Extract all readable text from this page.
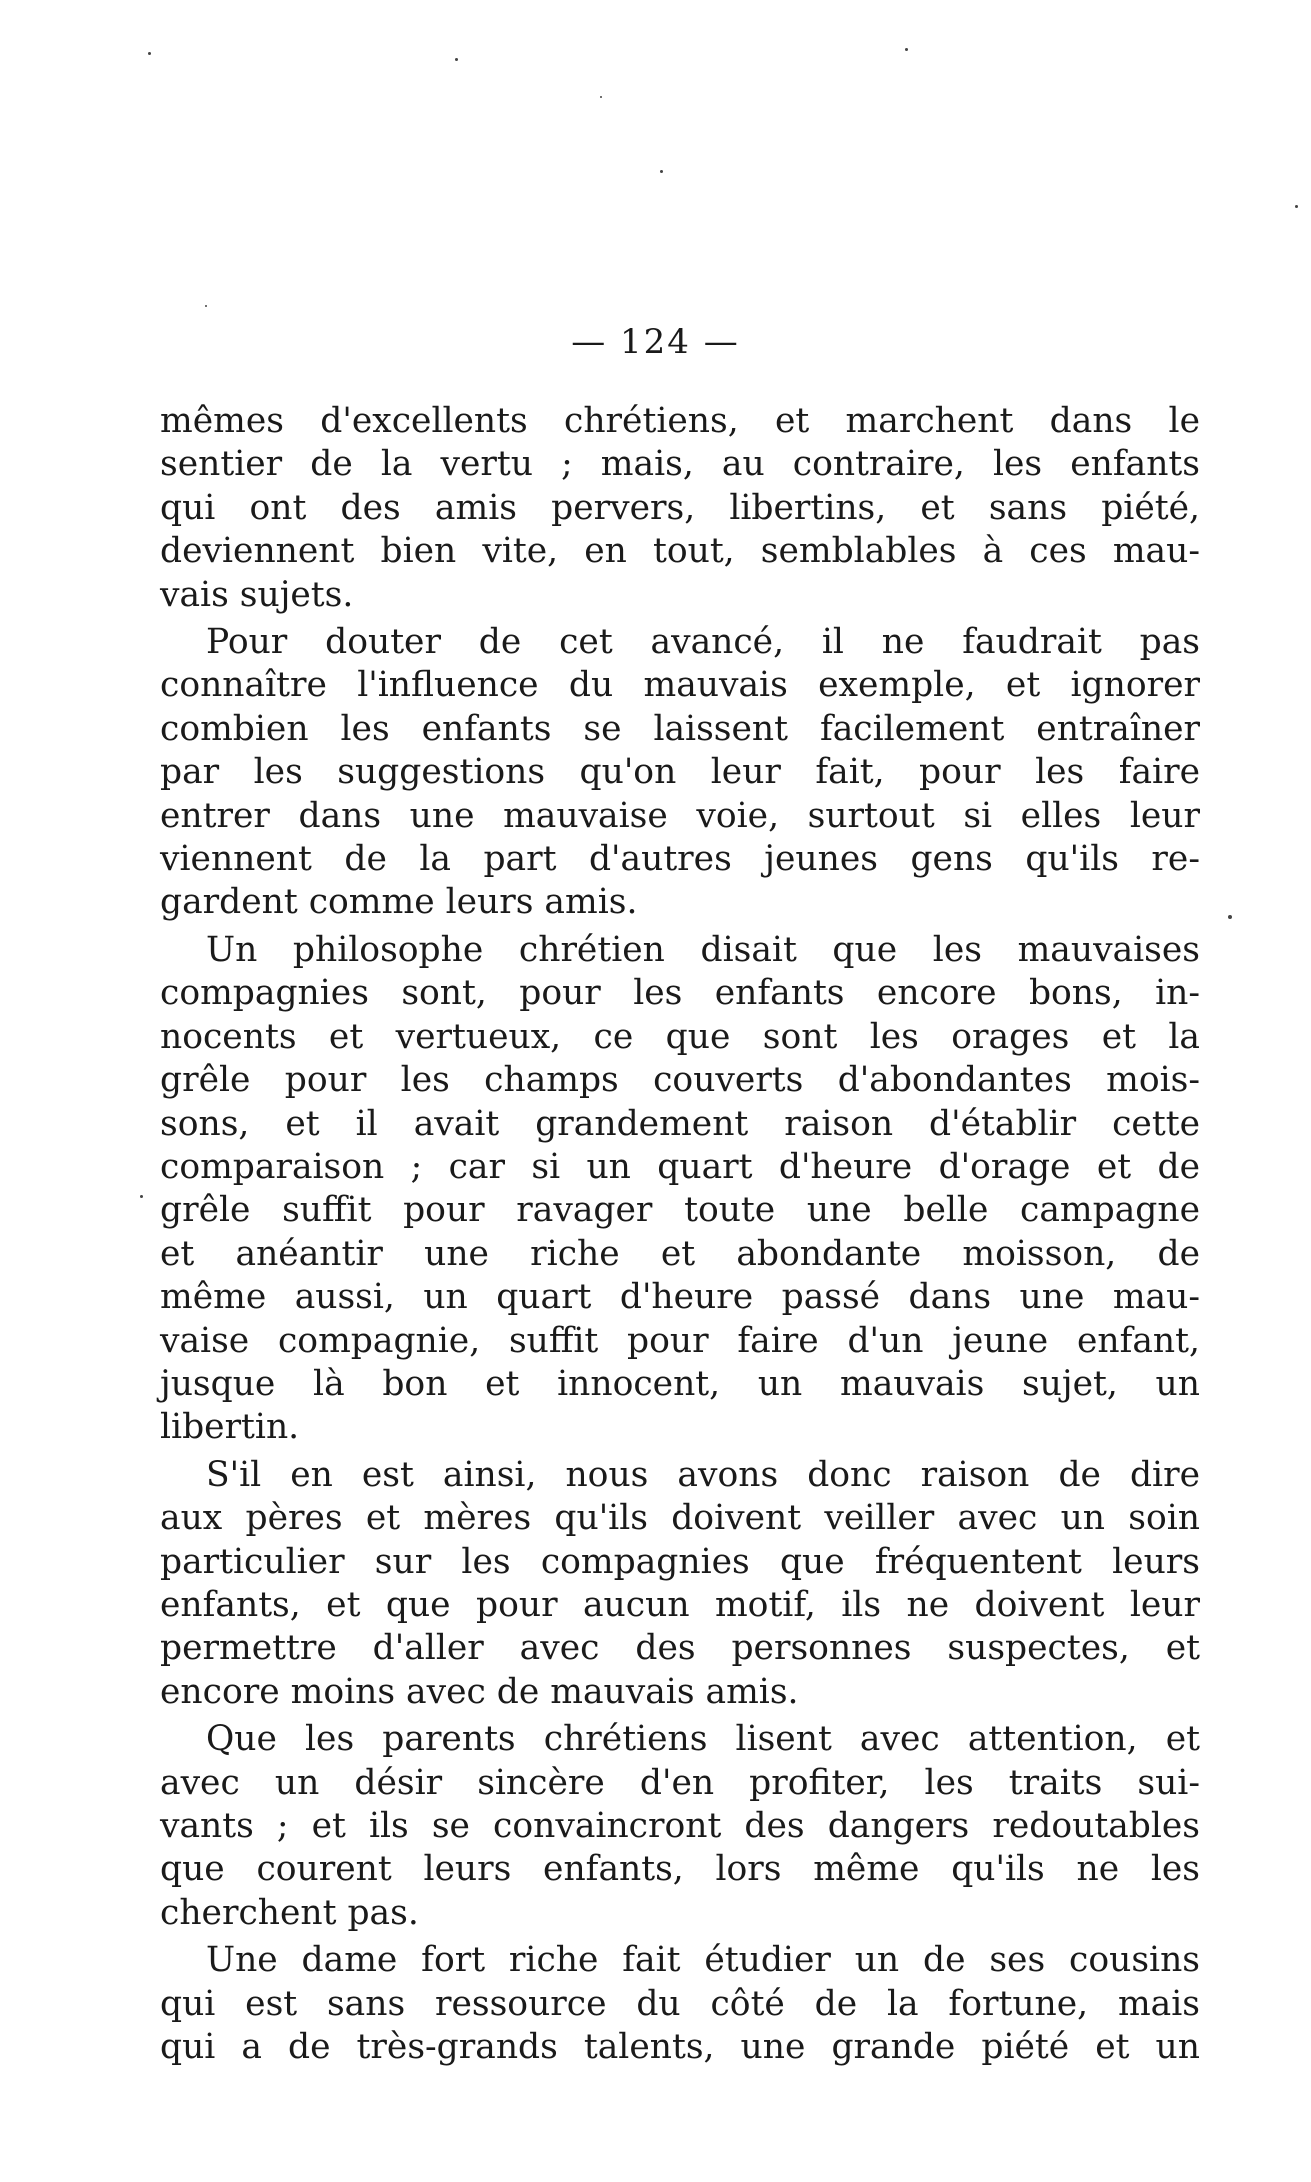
— 124 —
mêmes d'excellents chrétiens, et marchent dans le
sentier de la vertu ; mais, au contraire, les enfants
qui ont des amis pervers, libertins, et sans piété,
deviennent bien vite, en tout, semblables à ces mau-
vais sujets.
Pour douter de cet avancé, il ne faudrait pas
connaître l'influence du mauvais exemple, et ignorer
combien les enfants se laissent facilement entraîner
par les suggestions qu'on leur fait, pour les faire
entrer dans une mauvaise voie, surtout si elles leur
viennent de la part d'autres jeunes gens qu'ils re-
gardent comme leurs amis.
Un philosophe chrétien disait que les mauvaises
compagnies sont, pour les enfants encore bons, in-
nocents et vertueux, ce que sont les orages et la
grêle pour les champs couverts d'abondantes mois-
sons, et il avait grandement raison d'établir cette
comparaison ; car si un quart d'heure d'orage et de
grêle suffit pour ravager toute une belle campagne
et anéantir une riche et abondante moisson, de
même aussi, un quart d'heure passé dans une mau-
vaise compagnie, suffit pour faire d'un jeune enfant,
jusque là bon et innocent, un mauvais sujet, un
libertin.
S'il en est ainsi, nous avons donc raison de dire
aux pères et mères qu'ils doivent veiller avec un soin
particulier sur les compagnies que fréquentent leurs
enfants, et que pour aucun motif, ils ne doivent leur
permettre d'aller avec des personnes suspectes, et
encore moins avec de mauvais amis.
Que les parents chrétiens lisent avec attention, et
avec un désir sincère d'en profiter, les traits sui-
vants ; et ils se convaincront des dangers redoutables
que courent leurs enfants, lors même qu'ils ne les
cherchent pas.
Une dame fort riche fait étudier un de ses cousins
qui est sans ressource du côté de la fortune, mais
qui a de très-grands talents, une grande piété et un
